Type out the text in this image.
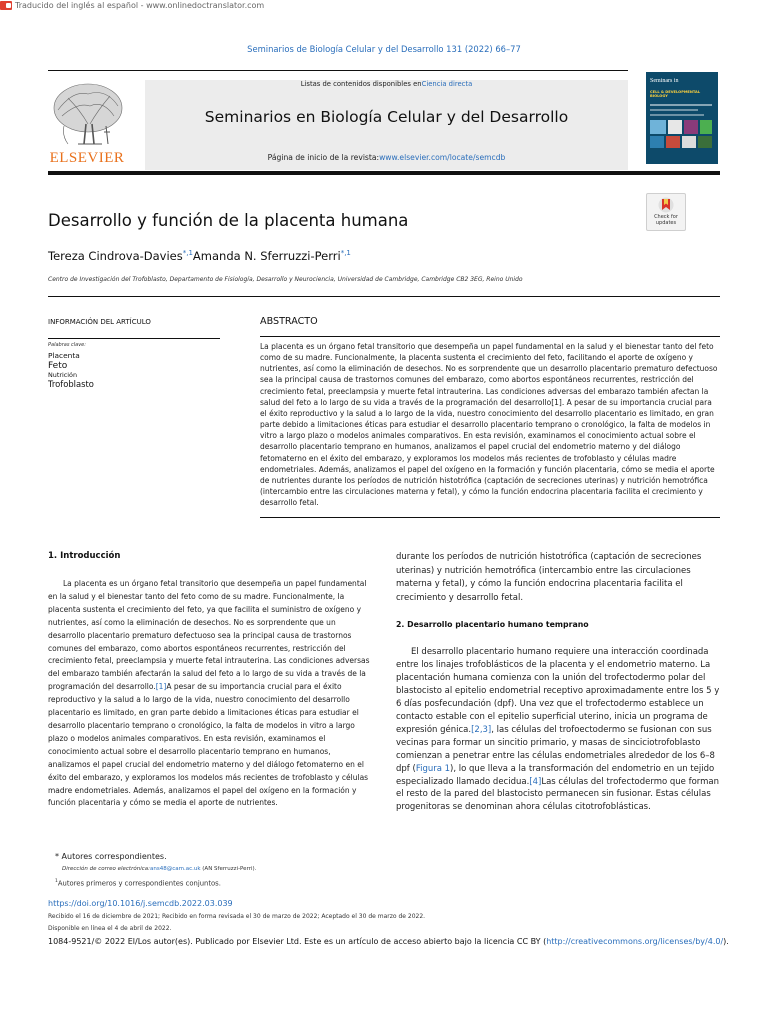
Traducido del inglés al español - www.onlinedoctranslator.com
Seminarios de Biología Celular y del Desarrollo 131 (2022) 66–77
Listas de contenidos disponibles enCiencia directa
Seminarios en Biología Celular y del Desarrollo
Página de inicio de la revista:www.elsevier.com/locate/semcdb
ELSEVIER
Seminars in
CELL & DEVELOPMENTAL BIOLOGY
Desarrollo y función de la placenta humana	Check for
updates
Tereza Cindrova-Davies$^{*,1}$Amanda N. Sferruzzi-Perri$^{*,1}$
Centro de Investigación del Trofoblasto, Departamento de Fisiología, Desarrollo y Neurociencia, Universidad de Cambridge, Cambridge CB2 3EG, Reino Unido
INFORMACIÓN DEL ARTÍCULO
Palabras clave:
Placenta
Feto
Nutrición
Trofoblasto
ABSTRACTO
La placenta es un órgano fetal transitorio que desempeña un papel fundamental en la salud y el bienestar tanto del feto como de su madre. Funcionalmente, la placenta sustenta el crecimiento del feto, facilitando el aporte de oxígeno y nutrientes, así como la eliminación de desechos. No es sorprendente que un desarrollo placentario prematuro defectuoso sea la principal causa de trastornos comunes del embarazo, como abortos espontáneos recurrentes, restricción del crecimiento fetal, preeclampsia y muerte fetal intrauterina. Las condiciones adversas del embarazo también afectan la salud del feto a lo largo de su vida a través de la programación del desarrollo[1]. A pesar de su importancia crucial para el éxito reproductivo y la salud a lo largo de la vida, nuestro conocimiento del desarrollo placentario es limitado, en gran parte debido a limitaciones éticas para estudiar el desarrollo placentario temprano o cronológico, la falta de modelos in vitro a largo plazo o modelos animales comparativos. En esta revisión, examinamos el conocimiento actual sobre el desarrollo placentario temprano en humanos, analizamos el papel crucial del endometrio materno y del diálogo fetomaterno en el éxito del embarazo, y exploramos los modelos más recientes de trofoblasto y células madre endometriales. Además, analizamos el papel del oxígeno en la formación y función placentaria, cómo se media el aporte de nutrientes durante los períodos de nutrición histotrófica (captación de secreciones uterinas) y nutrición hemotrófica (intercambio entre las circulaciones materna y fetal), y cómo la función endocrina placentaria facilita el crecimiento y desarrollo fetal.
1. Introducción
La placenta es un órgano fetal transitorio que desempeña un papel fundamental en la salud y el bienestar tanto del feto como de su madre. Funcionalmente, la placenta sustenta el crecimiento del feto, ya que facilita el suministro de oxígeno y nutrientes, así como la eliminación de desechos. No es sorprendente que un desarrollo placentario prematuro defectuoso sea la principal causa de trastornos comunes del embarazo, como abortos espontáneos recurrentes, restricción del crecimiento fetal, preeclampsia y muerte fetal intrauterina. Las condiciones adversas del embarazo también afectarán la salud del feto a lo largo de su vida a través de la programación del desarrollo.[1]A pesar de su importancia crucial para el éxito reproductivo y la salud a lo largo de la vida, nuestro conocimiento del desarrollo placentario es limitado, en gran parte debido a limitaciones éticas para estudiar el desarrollo placentario temprano o cronológico, la falta de modelos in vitro a largo plazo o modelos animales comparativos. En esta revisión, examinamos el conocimiento actual sobre el desarrollo placentario temprano en humanos, analizamos el papel crucial del endometrio materno y del diálogo fetomaterno en el éxito del embarazo, y exploramos los modelos más recientes de trofoblasto y células madre endometriales. Además, analizamos el papel del oxígeno en la formación y función placentaria y cómo se media el aporte de nutrientes.
durante los períodos de nutrición histotrófica (captación de secreciones uterinas) y nutrición hemotrófica (intercambio entre las circulaciones materna y fetal), y cómo la función endocrina placentaria facilita el crecimiento y desarrollo fetal.
2. Desarrollo placentario humano temprano
El desarrollo placentario humano requiere una interacción coordinada entre los linajes trofoblásticos de la placenta y el endometrio materno. La placentación humana comienza con la unión del trofectodermo polar del blastocisto al epitelio endometrial receptivo aproximadamente entre los 5 y 6 días posfecundación (dpf). Una vez que el trofectodermo establece un contacto estable con el epitelio superficial uterino, inicia un programa de expresión génica.[2,3], las células del trofoectodermo se fusionan con sus vecinas para formar un sincitio primario, y masas de sinciciotrofoblasto comienzan a penetrar entre las células endometriales alrededor de los 6–8 dpf (Figura 1), lo que lleva a la transformación del endometrio en un tejido especializado llamado decidua.[4]Las células del trofectodermo que forman el resto de la pared del blastocisto permanecen sin fusionar. Estas células progenitoras se denominan ahora células citotrofoblásticas.
* Autores correspondientes.
Dirección de correo electrónica:ans48@cam.ac.uk (AN Sferruzzi-Perri).
$^1$Autores primeros y correspondientes conjuntos.
https://doi.org/10.1016/j.semcdb.2022.03.039
Recibido el 16 de diciembre de 2021; Recibido en forma revisada el 30 de marzo de 2022; Aceptado el 30 de marzo de 2022.
Disponible en línea el 4 de abril de 2022.
1084-9521/© 2022 El/Los autor(es). Publicado por Elsevier Ltd. Este es un artículo de acceso abierto bajo la licencia CC BY (http://creativecommons.org/licenses/by/4.0/).
